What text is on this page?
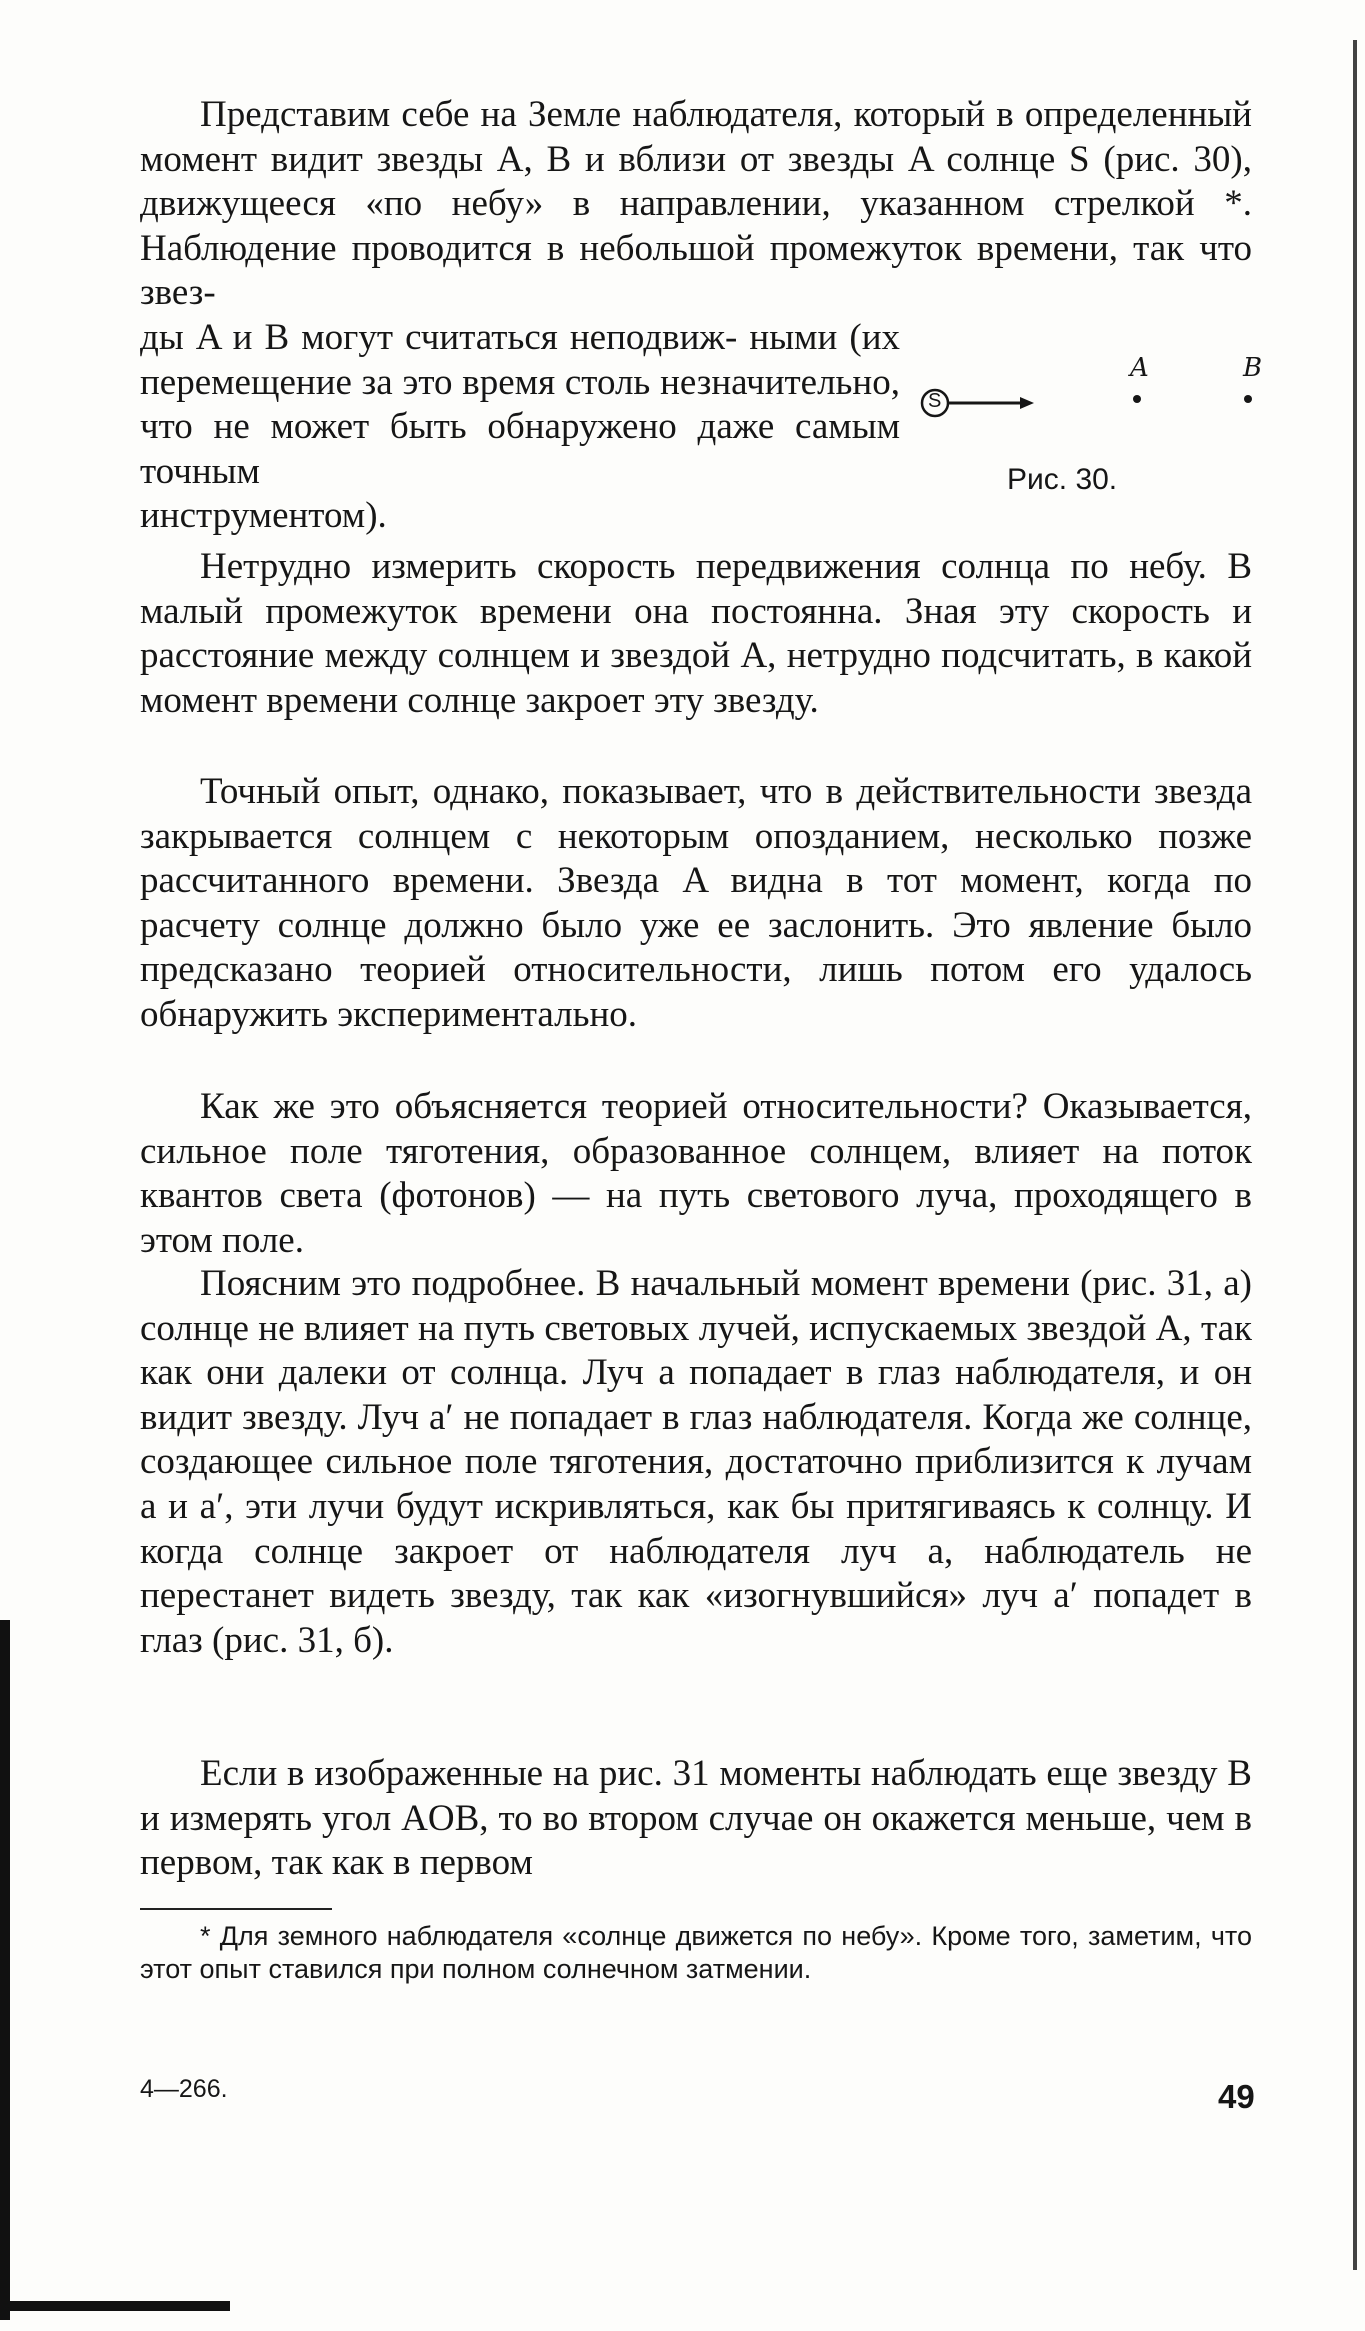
Представим себе на Земле наблюдателя, который в определенный момент видит звезды A, B и вблизи от звезды A солнце S (рис. 30), движущееся «по небу» в направлении, указанном стрелкой *. Наблюдение проводится в небольшой промежуток времени, так что звез-

ды A и B могут считаться неподвиж- ными (их перемещение за это время столь незначительно, что не может быть обнаружено даже самым точным

инструментом).

S
A	B
Рис. 30.

Нетрудно измерить скорость передвижения солнца по небу. В малый промежуток времени она постоянна. Зная эту скорость и расстояние между солнцем и звездой A, нетрудно подсчитать, в какой момент времени солнце закроет эту звезду.

Точный опыт, однако, показывает, что в действительности звезда закрывается солнцем с некоторым опозданием, несколько позже рассчитанного времени. Звезда A видна в тот момент, когда по расчету солнце должно было уже ее заслонить. Это явление было предсказано теорией относительности, лишь потом его удалось обнаружить экспериментально.

Как же это объясняется теорией относительности? Оказывается, сильное поле тяготения, образованное солнцем, влияет на поток квантов света (фотонов) — на путь светового луча, проходящего в этом поле.

Поясним это подробнее. В начальный момент времени (рис. 31, а) солнце не влияет на путь световых лучей, испускаемых звездой A, так как они далеки от солнца. Луч a попадает в глаз наблюдателя, и он видит звезду. Луч a′ не попадает в глаз наблюдателя. Когда же солнце, создающее сильное поле тяготения, достаточно приблизится к лучам a и a′, эти лучи будут искривляться, как бы притягиваясь к солнцу. И когда солнце закроет от наблюдателя луч a, наблюдатель не перестанет видеть звезду, так как «изогнувшийся» луч a′ попадет в глаз (рис. 31, б).

Если в изображенные на рис. 31 моменты наблюдать еще звезду B и измерять угол AOB, то во втором случае он окажется меньше, чем в первом, так как в первом

* Для земного наблюдателя «солнце движется по небу». Кроме того, заметим, что этот опыт ставился при полном солнечном затмении.

4—266.	49
